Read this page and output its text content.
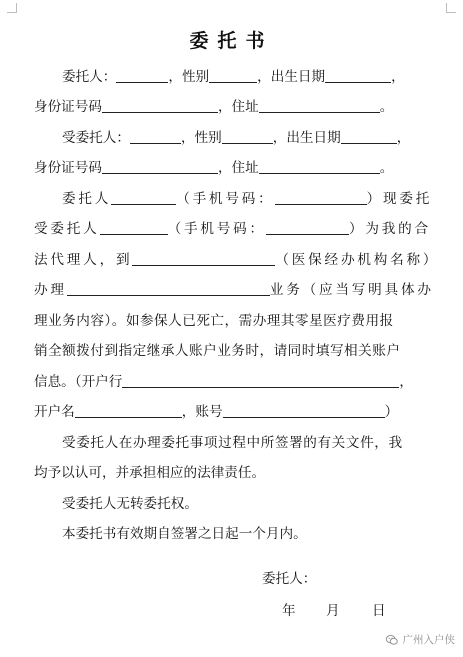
委托书
委托人：	，性别	，出生日期	，
身份证号码	，住址	。
受委托人：	，性别	，出生日期	，
身份证号码	，住址	。
委托人	（手机号码：	）现委托
受委托人	（手机号码：	）为我的合
法代理人，到	（医保经办机构名称）
办理	业务（应当写明具体办
理业务内容）。如参保人已死亡，需办理其零星医疗费用报
销全额拨付到指定继承人账户业务时，请同时填写相关账户
信息。（开户行	，
开户名	，账号	）
受委托人在办理委托事项过程中所签署的有关文件，我
均予以认可，并承担相应的法律责任。
受委托人无转委托权。
本委托书有效期自签署之日起一个月内。
委托人：
年 月 日
广州入户侠
